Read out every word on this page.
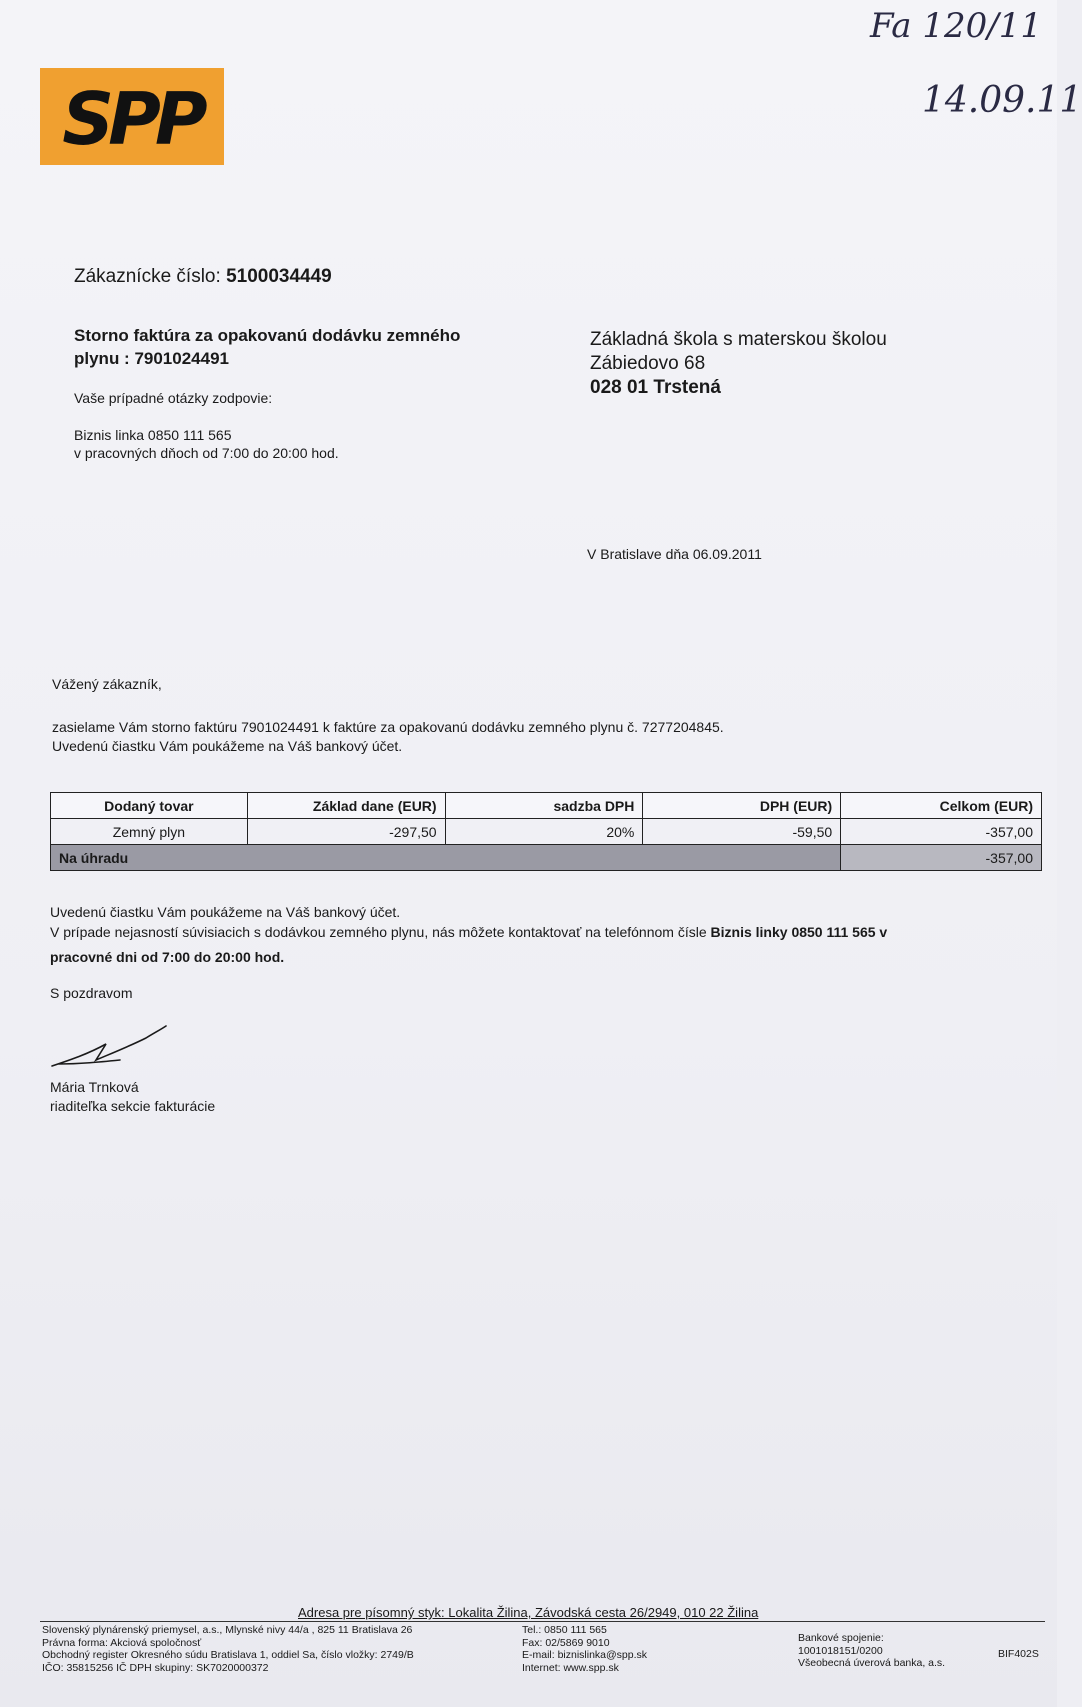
SPP
Fa 120/11
14.09.11
Zákaznícke číslo: 5100034449
Storno faktúra za opakovanú dodávku zemného
plynu : 7901024491
Vaše prípadné otázky zodpovie:
Biznis linka 0850 111 565
v pracovných dňoch od 7:00 do 20:00 hod.
Základná škola s materskou školou
Zábiedovo 68
028 01 Trstená
V Bratislave dňa 06.09.2011
Vážený zákazník,
zasielame Vám storno faktúru 7901024491 k faktúre za opakovanú dodávku zemného plynu č. 7277204845.
Uvedenú čiastku Vám poukážeme na Váš bankový účet.
Dodaný tovar	Základ dane (EUR)	sadzba DPH	DPH (EUR)	Celkom (EUR)
Zemný plyn	-297,50	20%	-59,50	-357,00
Na úhradu				-357,00
Uvedenú čiastku Vám poukážeme na Váš bankový účet.
V prípade nejasností súvisiacich s dodávkou zemného plynu, nás môžete kontaktovať na telefónnom čísle Biznis linky 0850 111 565 v
pracovné dni od 7:00 do 20:00 hod.
S pozdravom
Mária Trnková
riaditeľka sekcie fakturácie
Adresa pre písomný styk: Lokalita Žilina, Závodská cesta 26/2949, 010 22 Žilina
Slovenský plynárenský priemysel, a.s., Mlynské nivy 44/a , 825 11 Bratislava 26
Právna forma: Akciová spoločnosť
Obchodný register Okresného súdu Bratislava 1, oddiel Sa, číslo vložky: 2749/B
IČO: 35815256 IČ DPH skupiny: SK7020000372
Tel.: 0850 111 565
Fax: 02/5869 9010
E-mail: biznislinka@spp.sk
Internet: www.spp.sk
Bankové spojenie:
1001018151/0200
Všeobecná úverová banka, a.s.
BIF402S
